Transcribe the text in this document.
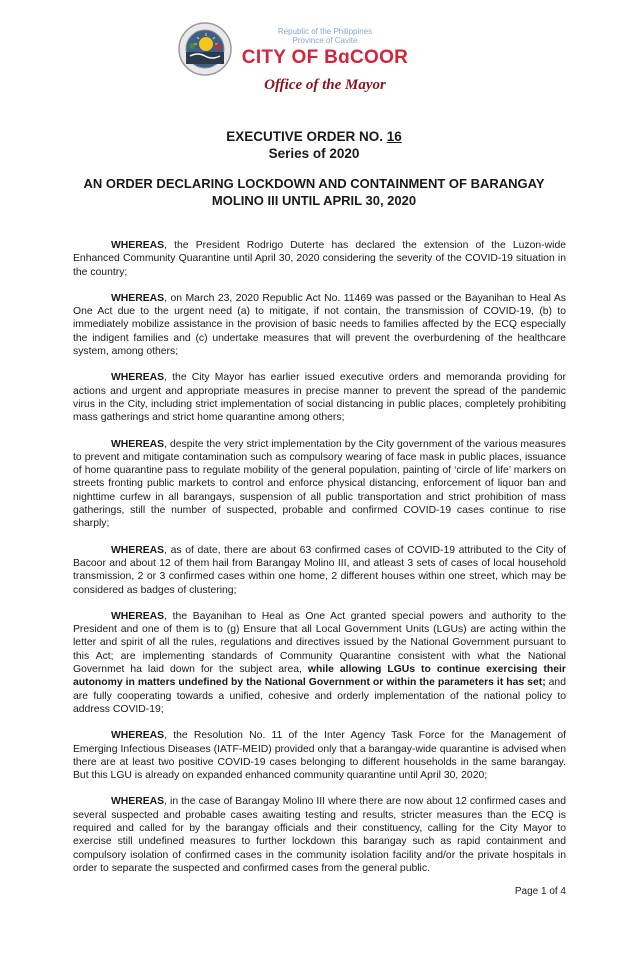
Republic of the Philippines
Province of Cavite
CITY OF BɑCOOR
Office of the Mayor
EXECUTIVE ORDER NO. 16
Series of 2020
AN ORDER DECLARING LOCKDOWN AND CONTAINMENT OF BARANGAY
MOLINO III UNTIL APRIL 30, 2020

WHEREAS, the President Rodrigo Duterte has declared the extension of the Luzon-wide Enhanced Community Quarantine until April 30, 2020 considering the severity of the COVID-19 situation in the country;

WHEREAS, on March 23, 2020 Republic Act No. 11469 was passed or the Bayanihan to Heal As One Act due to the urgent need (a) to mitigate, if not contain, the transmission of COVID-19, (b) to immediately mobilize assistance in the provision of basic needs to families affected by the ECQ especially the indigent families and (c) undertake measures that will prevent the overburdening of the healthcare system, among others;

WHEREAS, the City Mayor has earlier issued executive orders and memoranda providing for actions and urgent and appropriate measures in precise manner to prevent the spread of the pandemic virus in the City, including strict implementation of social distancing in public places, completely prohibiting mass gatherings and strict home quarantine among others;

WHEREAS, despite the very strict implementation by the City government of the various measures to prevent and mitigate contamination such as compulsory wearing of face mask in public places, issuance of home quarantine pass to regulate mobility of the general population, painting of ‘circle of life’ markers on streets fronting public markets to control and enforce physical distancing, enforcement of liquor ban and nighttime curfew in all barangays, suspension of all public transportation and strict prohibition of mass gatherings, still the number of suspected, probable and confirmed COVID-19 cases continue to rise sharply;

WHEREAS, as of date, there are about 63 confirmed cases of COVID-19 attributed to the City of Bacoor and about 12 of them hail from Barangay Molino III, and atleast 3 sets of cases of local household transmission, 2 or 3 confirmed cases within one home, 2 different houses within one street, which may be considered as badges of clustering;

WHEREAS, the Bayanihan to Heal as One Act granted special powers and authority to the President and one of them is to (g) Ensure that all Local Government Units (LGUs) are acting within the letter and spirit of all the rules, regulations and directives issued by the National Government pursuant to this Act; are implementing standards of Community Quarantine consistent with what the National Governmet ha laid down for the subject area, while allowing LGUs to continue exercising their autonomy in matters undefined by the National Government or within the parameters it has set; and are fully cooperating towards a unified, cohesive and orderly implementation of the national policy to address COVID-19;

WHEREAS, the Resolution No. 11 of the Inter Agency Task Force for the Management of Emerging Infectious Diseases (IATF-MEID) provided only that a barangay-wide quarantine is advised when there are at least two positive COVID-19 cases belonging to different households in the same barangay. But this LGU is already on expanded enhanced community quarantine until April 30, 2020;

WHEREAS, in the case of Barangay Molino III where there are now about 12 confirmed cases and several suspected and probable cases awaiting testing and results, stricter measures than the ECQ is required and called for by the barangay officials and their constituency, calling for the City Mayor to exercise still undefined measures to further lockdown this barangay such as rapid containment and compulsory isolation of confirmed cases in the community isolation facility and/or the private hospitals in order to separate the suspected and confirmed cases from the general public.

Page 1 of 4
